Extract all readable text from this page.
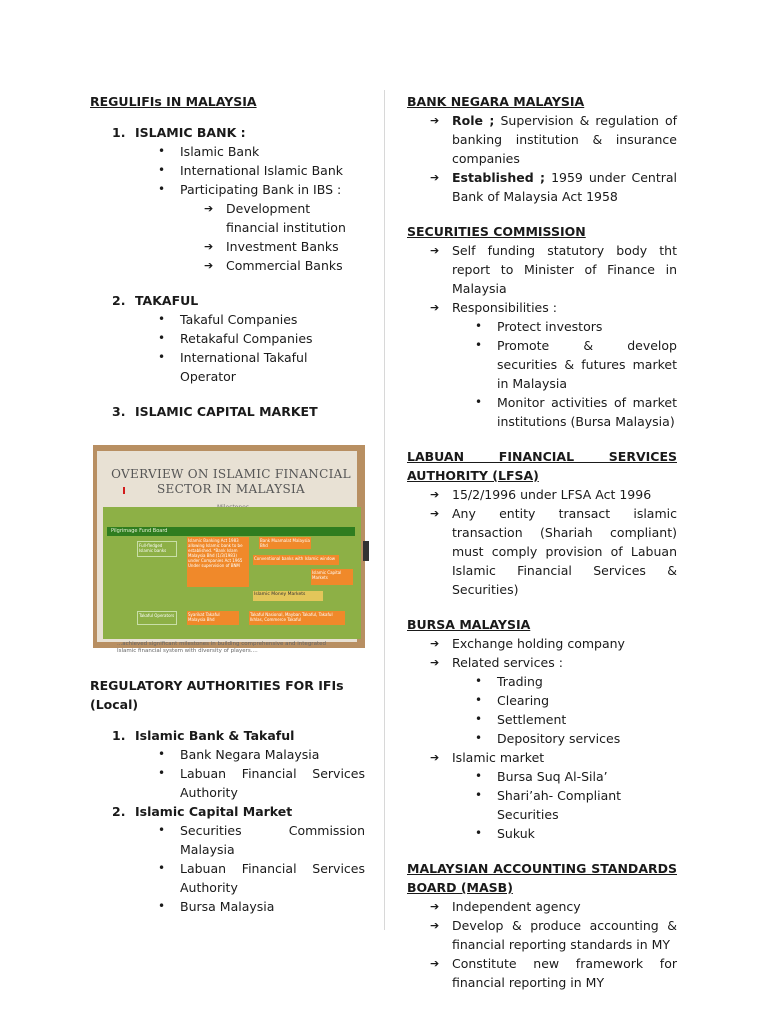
REGULIFIs IN MALAYSIA
1. ISLAMIC BANK :
• Islamic Bank
• International Islamic Bank
• Participating Bank in IBS :
➔ Development financial institution
➔ Investment Banks
➔ Commercial Banks
2. TAKAFUL
• Takaful Companies
• Retakaful Companies
• International Takaful Operator
3. ISLAMIC CAPITAL MARKET
OVERVIEW ON ISLAMIC FINANCIAL SECTOR IN MALAYSIA
Pilgrimage Fund Board
Full-fledged Islamic banks
Islamic Banking Act 1983 allowing Islamic bank to be established. *Bank Islam Malaysia Bhd (1/3/1983) under Companies Act 1965 Under supervision of BNM
Bank Muamalat Malaysia Bhd
Conventional banks with Islamic window
Islamic Money Markets
Takaful Operators	Syarikat Takaful Malaysia Bhd
Takaful Nasional, Mayban Takaful, Takaful Ikhlas, Commerce Takaful
Islamic Capital Markets
...achieved significant milestones in building comprehensive and integrated Islamic financial system with diversity of players....
REGULATORY AUTHORITIES FOR IFIs (Local)
1. Islamic Bank & Takaful
• Bank Negara Malaysia
• Labuan Financial Services Authority
2. Islamic Capital Market
• Securities Commission Malaysia
• Labuan Financial Services Authority
• Bursa Malaysia
BANK NEGARA MALAYSIA
➔ Role ; Supervision & regulation of banking institution & insurance companies
➔ Established ; 1959 under Central Bank of Malaysia Act 1958
SECURITIES COMMISSION
➔ Self funding statutory body tht report to Minister of Finance in Malaysia
➔ Responsibilities :
• Protect investors
• Promote & develop securities & futures market in Malaysia
• Monitor activities of market institutions (Bursa Malaysia)
LABUAN FINANCIAL SERVICES AUTHORITY (LFSA)
➔ 15/2/1996 under LFSA Act 1996
➔ Any entity transact islamic transaction (Shariah compliant) must comply provision of Labuan Islamic Financial Services & Securities)
BURSA MALAYSIA
➔ Exchange holding company
➔ Related services :
• Trading
• Clearing
• Settlement
• Depository services
➔ Islamic market
• Bursa Suq Al-Sila’
• Shari’ah- Compliant Securities
• Sukuk
MALAYSIAN ACCOUNTING STANDARDS BOARD (MASB)
➔ Independent agency
➔ Develop & produce accounting & financial reporting standards in MY
➔ Constitute new framework for financial reporting in MY
